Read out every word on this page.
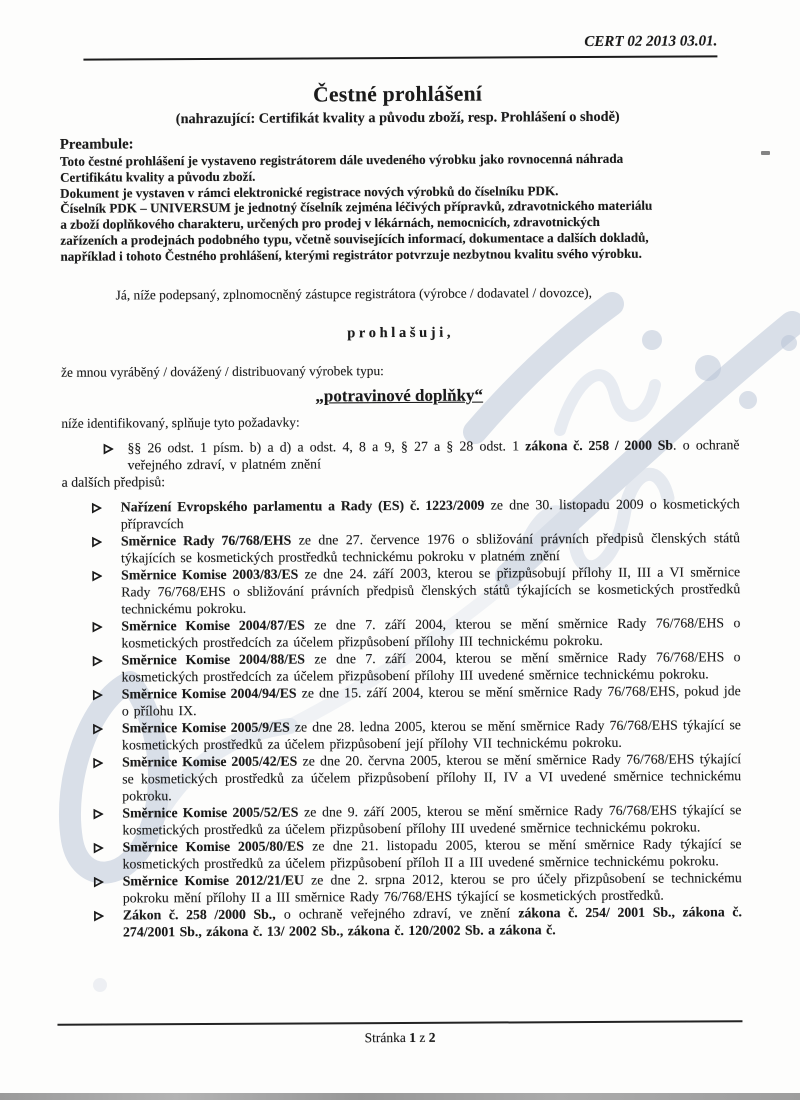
CERT 02 2013 03.01.
Čestné prohlášení
(nahrazující: Certifikát kvality a původu zboží, resp. Prohlášení o shodě)
Preambule:
Toto čestné prohlášení je vystaveno registrátorem dále uvedeného výrobku jako rovnocenná náhrada
Certifikátu kvality a původu zboží.
Dokument je vystaven v rámci elektronické registrace nových výrobků do číselníku PDK.
Číselník PDK – UNIVERSUM je jednotný číselník zejména léčivých přípravků, zdravotnického materiálu
a zboží doplňkového charakteru, určených pro prodej v lékárnách, nemocnicích, zdravotnických
zařízeních a prodejnách podobného typu, včetně souvisejících informací, dokumentace a dalších dokladů,
například i tohoto Čestného prohlášení, kterými registrátor potvrzuje nezbytnou kvalitu svého výrobku.
Já, níže podepsaný, zplnomocněný zástupce registrátora (výrobce / dodavatel / dovozce),
p r o h l a š u j i ,
že mnou vyráběný / dovážený / distribuovaný výrobek typu:
„potravinové doplňky“
níže identifikovaný, splňuje tyto požadavky:
§§ 26 odst. 1 písm. b) a d) a odst. 4, 8 a 9, § 27 a § 28 odst. 1 zákona č. 258 / 2000 Sb. o ochraně veřejného zdraví, v platném znění
a dalších předpisů:
Nařízení Evropského parlamentu a Rady (ES) č. 1223/2009 ze dne 30. listopadu 2009 o kosmetických přípravcích
Směrnice Rady 76/768/EHS ze dne 27. července 1976 o sbližování právních předpisů členských států týkajících se kosmetických prostředků technickému pokroku v platném znění
Směrnice Komise 2003/83/ES ze dne 24. září 2003, kterou se přizpůsobují přílohy II, III a VI směrnice Rady 76/768/EHS o sbližování právních předpisů členských států týkajících se kosmetických prostředků technickému pokroku.
Směrnice Komise 2004/87/ES ze dne 7. září 2004, kterou se mění směrnice Rady 76/768/EHS o kosmetických prostředcích za účelem přizpůsobení přílohy III technickému pokroku.
Směrnice Komise 2004/88/ES ze dne 7. září 2004, kterou se mění směrnice Rady 76/768/EHS o kosmetických prostředcích za účelem přizpůsobení přílohy III uvedené směrnice technickému pokroku.
Směrnice Komise 2004/94/ES ze dne 15. září 2004, kterou se mění směrnice Rady 76/768/EHS, pokud jde o přílohu IX.
Směrnice Komise 2005/9/ES ze dne 28. ledna 2005, kterou se mění směrnice Rady 76/768/EHS týkající se kosmetických prostředků za účelem přizpůsobení její přílohy VII technickému pokroku.
Směrnice Komise 2005/42/ES ze dne 20. června 2005, kterou se mění směrnice Rady 76/768/EHS týkající se kosmetických prostředků za účelem přizpůsobení přílohy II, IV a VI uvedené směrnice technickému pokroku.
Směrnice Komise 2005/52/ES ze dne 9. září 2005, kterou se mění směrnice Rady 76/768/EHS týkající se kosmetických prostředků za účelem přizpůsobení přílohy III uvedené směrnice technickému pokroku.
Směrnice Komise 2005/80/ES ze dne 21. listopadu 2005, kterou se mění směrnice Rady týkající se kosmetických prostředků za účelem přizpůsobení příloh II a III uvedené směrnice technickému pokroku.
Směrnice Komise 2012/21/EU ze dne 2. srpna 2012, kterou se pro účely přizpůsobení se technickému pokroku mění přílohy II a III směrnice Rady 76/768/EHS týkající se kosmetických prostředků.
Zákon č. 258 /2000 Sb., o ochraně veřejného zdraví, ve znění zákona č. 254/ 2001 Sb., zákona č. 274/2001 Sb., zákona č. 13/ 2002 Sb., zákona č. 120/2002 Sb. a zákona č.
Stránka 1 z 2
